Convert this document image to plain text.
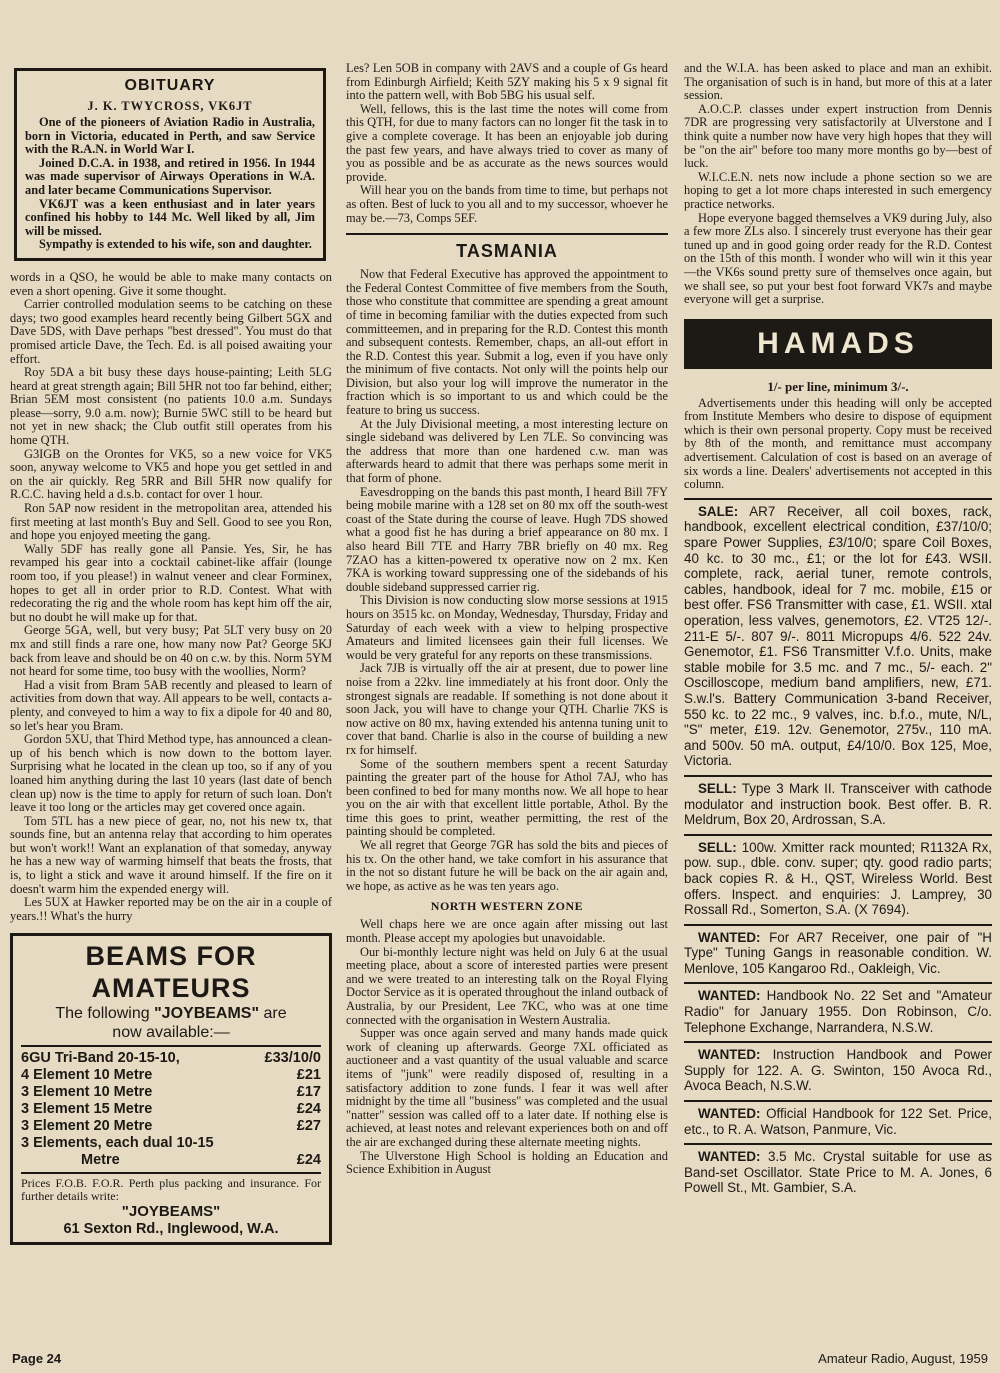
OBITUARY
J. K. TWYCROSS, VK6JT

One of the pioneers of Aviation Radio in Australia, born in Victoria, educated in Perth, and saw Service with the R.A.N. in World War I.

Joined D.C.A. in 1938, and retired in 1956. In 1944 was made supervisor of Airways Operations in W.A. and later became Communications Supervisor.

VK6JT was a keen enthusiast and in later years confined his hobby to 144 Mc. Well liked by all, Jim will be missed.

Sympathy is extended to his wife, son and daughter.

words in a QSO, he would be able to make many contacts on even a short opening. Give it some thought.

Carrier controlled modulation seems to be catching on these days; two good examples heard recently being Gilbert 5GX and Dave 5DS, with Dave perhaps "best dressed". You must do that promised article Dave, the Tech. Ed. is all poised awaiting your effort.

Roy 5DA a bit busy these days house-painting; Leith 5LG heard at great strength again; Bill 5HR not too far behind, either; Brian 5EM most consistent (no patients 10.0 a.m. Sundays please—sorry, 9.0 a.m. now); Burnie 5WC still to be heard but not yet in new shack; the Club outfit still operates from his home QTH.

G3IGB on the Orontes for VK5, so a new voice for VK5 soon, anyway welcome to VK5 and hope you get settled in and on the air quickly. Reg 5RR and Bill 5HR now qualify for R.C.C. having held a d.s.b. contact for over 1 hour.

Ron 5AP now resident in the metropolitan area, attended his first meeting at last month's Buy and Sell. Good to see you Ron, and hope you enjoyed meeting the gang.

Wally 5DF has really gone all Pansie. Yes, Sir, he has revamped his gear into a cocktail cabinet-like affair (lounge room too, if you please!) in walnut veneer and clear Forminex, hopes to get all in order prior to R.D. Contest. What with redecorating the rig and the whole room has kept him off the air, but no doubt he will make up for that.

George 5GA, well, but very busy; Pat 5LT very busy on 20 mx and still finds a rare one, how many now Pat? George 5KJ back from leave and should be on 40 on c.w. by this. Norm 5YM not heard for some time, too busy with the woollies, Norm?

Had a visit from Bram 5AB recently and pleased to learn of activities from down that way. All appears to be well, contacts a-plenty, and conveyed to him a way to fix a dipole for 40 and 80, so let's hear you Bram.

Gordon 5XU, that Third Method type, has announced a clean-up of his bench which is now down to the bottom layer. Surprising what he located in the clean up too, so if any of you loaned him anything during the last 10 years (last date of bench clean up) now is the time to apply for return of such loan. Don't leave it too long or the articles may get covered once again.

Tom 5TL has a new piece of gear, no, not his new tx, that sounds fine, but an antenna relay that according to him operates but won't work!! Want an explanation of that someday, anyway he has a new way of warming himself that beats the frosts, that is, to light a stick and wave it around himself. If the fire on it doesn't warm him the expended energy will.

Les 5UX at Hawker reported may be on the air in a couple of years.!! What's the hurry

BEAMS FOR AMATEURS
The following "JOYBEAMS" are
now available:—
6GU Tri-Band 20-15-10,	£33/10/0
4 Element 10 Metre	£21
3 Element 10 Metre	£17
3 Element 15 Metre	£24
3 Element 20 Metre	£27
3 Elements, each dual 10-15
Metre	£24

Prices F.O.B. F.O.R. Perth plus packing and insurance. For further details write:

"JOYBEAMS"
61 Sexton Rd., Inglewood, W.A.

Les? Len 5OB in company with 2AVS and a couple of Gs heard from Edinburgh Airfield; Keith 5ZY making his 5 x 9 signal fit into the pattern well, with Bob 5BG his usual self.

Well, fellows, this is the last time the notes will come from this QTH, for due to many factors can no longer fit the task in to give a complete coverage. It has been an enjoyable job during the past few years, and have always tried to cover as many of you as possible and be as accurate as the news sources would provide.

Will hear you on the bands from time to time, but perhaps not as often. Best of luck to you all and to my successor, whoever he may be.—73, Comps 5EF.

TASMANIA

Now that Federal Executive has approved the appointment to the Federal Contest Committee of five members from the South, those who constitute that committee are spending a great amount of time in becoming familiar with the duties expected from such committeemen, and in preparing for the R.D. Contest this month and subsequent contests. Remember, chaps, an all-out effort in the R.D. Contest this year. Submit a log, even if you have only the minimum of five contacts. Not only will the points help our Division, but also your log will improve the numerator in the fraction which is so important to us and which could be the feature to bring us success.

At the July Divisional meeting, a most interesting lecture on single sideband was delivered by Len 7LE. So convincing was the address that more than one hardened c.w. man was afterwards heard to admit that there was perhaps some merit in that form of phone.

Eavesdropping on the bands this past month, I heard Bill 7FY being mobile marine with a 128 set on 80 mx off the south-west coast of the State during the course of leave. Hugh 7DS showed what a good fist he has during a brief appearance on 80 mx. I also heard Bill 7TE and Harry 7BR briefly on 40 mx. Reg 7ZAO has a kitten-powered tx operative now on 2 mx. Ken 7KA is working toward suppressing one of the sidebands of his double sideband suppressed carrier rig.

This Division is now conducting slow morse sessions at 1915 hours on 3515 kc. on Monday, Wednesday, Thursday, Friday and Saturday of each week with a view to helping prospective Amateurs and limited licensees gain their full licenses. We would be very grateful for any reports on these transmissions.

Jack 7JB is virtually off the air at present, due to power line noise from a 22kv. line immediately at his front door. Only the strongest signals are readable. If something is not done about it soon Jack, you will have to change your QTH. Charlie 7KS is now active on 80 mx, having extended his antenna tuning unit to cover that band. Charlie is also in the course of building a new rx for himself.

Some of the southern members spent a recent Saturday painting the greater part of the house for Athol 7AJ, who has been confined to bed for many months now. We all hope to hear you on the air with that excellent little portable, Athol. By the time this goes to print, weather permitting, the rest of the painting should be completed.

We all regret that George 7GR has sold the bits and pieces of his tx. On the other hand, we take comfort in his assurance that in the not so distant future he will be back on the air again and, we hope, as active as he was ten years ago.

NORTH WESTERN ZONE

Well chaps here we are once again after missing out last month. Please accept my apologies but unavoidable.

Our bi-monthly lecture night was held on July 6 at the usual meeting place, about a score of interested parties were present and we were treated to an interesting talk on the Royal Flying Doctor Service as it is operated throughout the inland outback of Australia, by our President, Lee 7KC, who was at one time connected with the organisation in Western Australia.

Supper was once again served and many hands made quick work of cleaning up afterwards. George 7XL officiated as auctioneer and a vast quantity of the usual valuable and scarce items of "junk" were readily disposed of, resulting in a satisfactory addition to zone funds. I fear it was well after midnight by the time all "business" was completed and the usual "natter" session was called off to a later date. If nothing else is achieved, at least notes and relevant experiences both on and off the air are exchanged during these alternate meeting nights.

The Ulverstone High School is holding an Education and Science Exhibition in August

and the W.I.A. has been asked to place and man an exhibit. The organisation of such is in hand, but more of this at a later session.

A.O.C.P. classes under expert instruction from Dennis 7DR are progressing very satisfactorily at Ulverstone and I think quite a number now have very high hopes that they will be "on the air" before too many more months go by—best of luck.

W.I.C.E.N. nets now include a phone section so we are hoping to get a lot more chaps interested in such emergency practice networks.

Hope everyone bagged themselves a VK9 during July, also a few more ZLs also. I sincerely trust everyone has their gear tuned up and in good going order ready for the R.D. Contest on the 15th of this month. I wonder who will win it this year—the VK6s sound pretty sure of themselves once again, but we shall see, so put your best foot forward VK7s and maybe everyone will get a surprise.

HAMADS
1/- per line, minimum 3/-.

Advertisements under this heading will only be accepted from Institute Members who desire to dispose of equipment which is their own personal property. Copy must be received by 8th of the month, and remittance must accompany advertisement. Calculation of cost is based on an average of six words a line. Dealers' advertisements not accepted in this column.

SALE: AR7 Receiver, all coil boxes, rack, handbook, excellent electrical condition, £37/10/0; spare Power Supplies, £3/10/0; spare Coil Boxes, 40 kc. to 30 mc., £1; or the lot for £43. WSII. complete, rack, aerial tuner, remote controls, cables, handbook, ideal for 7 mc. mobile, £15 or best offer. FS6 Transmitter with case, £1. WSII. xtal operation, less valves, genemotors, £2. VT25 12/-. 211-E 5/-. 807 9/-. 8011 Micropups 4/6. 522 24v. Genemotor, £1. FS6 Transmitter V.f.o. Units, make stable mobile for 3.5 mc. and 7 mc., 5/- each. 2" Oscilloscope, medium band amplifiers, new, £71. S.w.l's. Battery Communication 3-band Receiver, 550 kc. to 22 mc., 9 valves, inc. b.f.o., mute, N/L, "S" meter, £19. 12v. Genemotor, 275v., 110 mA. and 500v. 50 mA. output, £4/10/0. Box 125, Moe, Victoria.

SELL: Type 3 Mark II. Transceiver with cathode modulator and instruction book. Best offer. B. R. Meldrum, Box 20, Ardrossan, S.A.

SELL: 100w. Xmitter rack mounted; R1132A Rx, pow. sup., dble. conv. super; qty. good radio parts; back copies R. & H., QST, Wireless World. Best offers. Inspect. and enquiries: J. Lamprey, 30 Rossall Rd., Somerton, S.A. (X 7694).

WANTED: For AR7 Receiver, one pair of "H Type" Tuning Gangs in reasonable condition. W. Menlove, 105 Kangaroo Rd., Oakleigh, Vic.

WANTED: Handbook No. 22 Set and "Amateur Radio" for January 1955. Don Robinson, C/o. Telephone Exchange, Narrandera, N.S.W.

WANTED: Instruction Handbook and Power Supply for 122. A. G. Swinton, 150 Avoca Rd., Avoca Beach, N.S.W.

WANTED: Official Handbook for 122 Set. Price, etc., to R. A. Watson, Panmure, Vic.

WANTED: 3.5 Mc. Crystal suitable for use as Band-set Oscillator. State Price to M. A. Jones, 6 Powell St., Mt. Gambier, S.A.

Page 24	Amateur Radio, August, 1959
